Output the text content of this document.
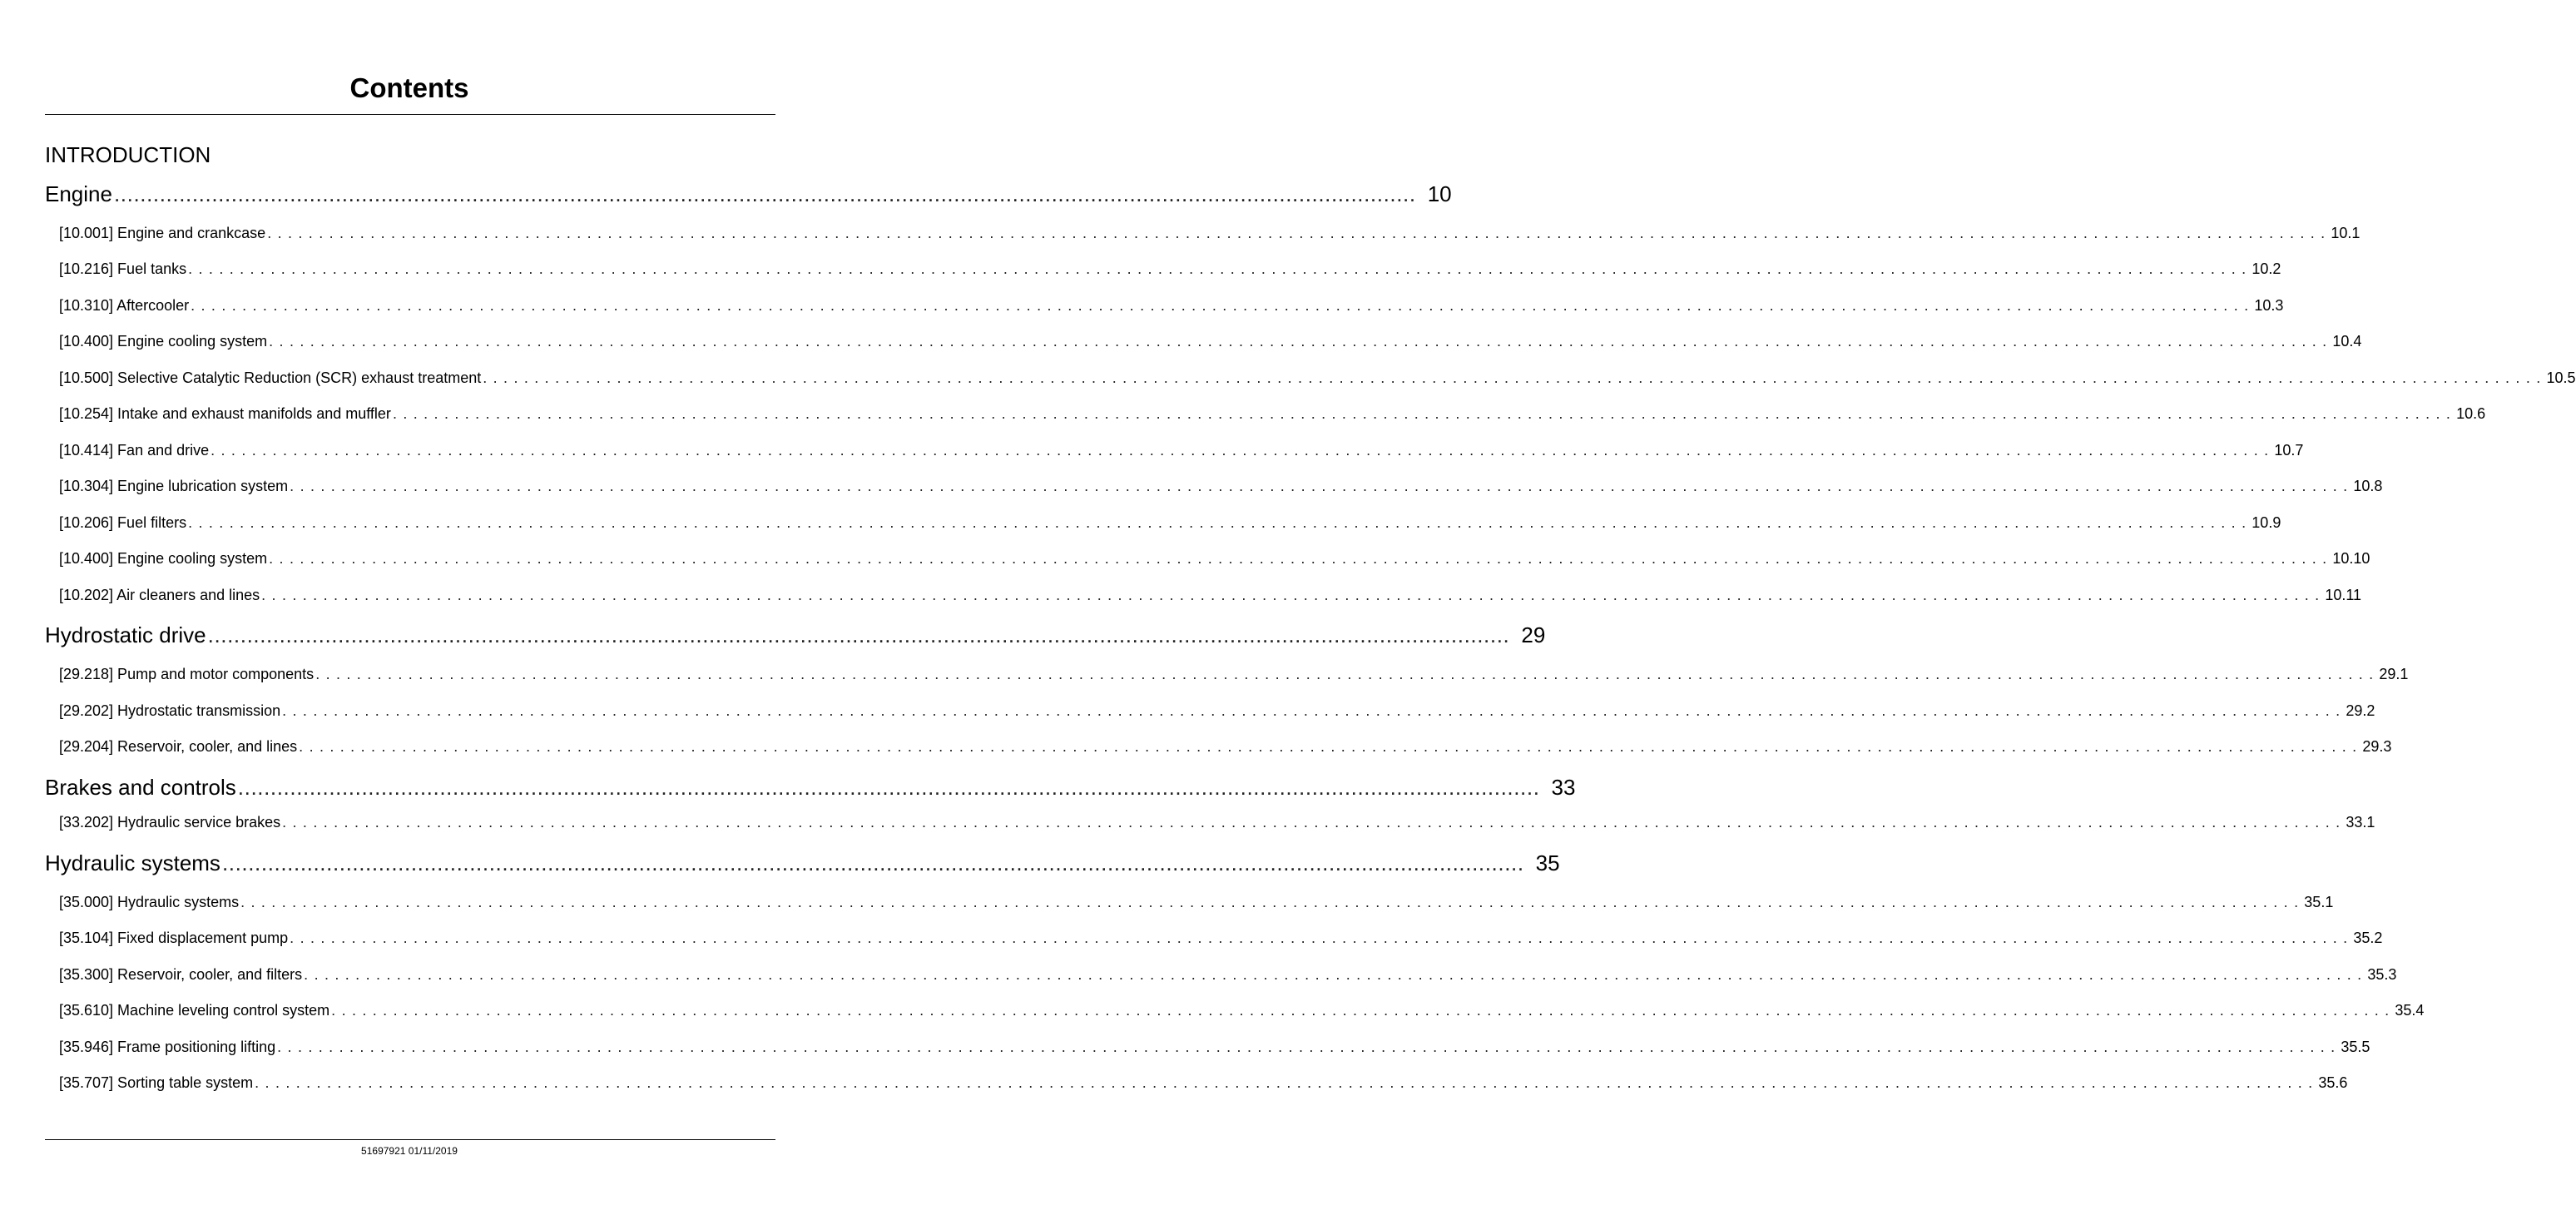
Contents
INTRODUCTION
Engine ........................................................................................................................................................................................................ 10
[10.001] Engine and crankcase . . . . . . . . . . . . . . . . . . . . . . . . . . . . . . . . . . . . . . . . . . . . . . . . . . . . . . . . . . . . . . . . . . . . . . . . . . . . . . . . . . . . . . . . . . . . . . . . . . . . . . . . . . . . . . . . . . . . . . . . . . . . . . . . . . . . . . . . . . . . . . . . . . . . . . . . . . . . . . . . . . . . . . . . . . . . . . . . . . . . . . . . . . . . . . . . . . . . . . . . 10.1
[10.216] Fuel tanks . . . . . . . . . . . . . . . . . . . . . . . . . . . . . . . . . . . . . . . . . . . . . . . . . . . . . . . . . . . . . . . . . . . . . . . . . . . . . . . . . . . . . . . . . . . . . . . . . . . . . . . . . . . . . . . . . . . . . . . . . . . . . . . . . . . . . . . . . . . . . . . . . . . . . . . . . . . . . . . . . . . . . . . . . . . . . . . . . . . . . . . . . . . . . . . . . . . . . . . . 10.2
[10.310] Aftercooler . . . . . . . . . . . . . . . . . . . . . . . . . . . . . . . . . . . . . . . . . . . . . . . . . . . . . . . . . . . . . . . . . . . . . . . . . . . . . . . . . . . . . . . . . . . . . . . . . . . . . . . . . . . . . . . . . . . . . . . . . . . . . . . . . . . . . . . . . . . . . . . . . . . . . . . . . . . . . . . . . . . . . . . . . . . . . . . . . . . . . . . . . . . . . . . . . . . . . . . . 10.3
[10.400] Engine cooling system . . . . . . . . . . . . . . . . . . . . . . . . . . . . . . . . . . . . . . . . . . . . . . . . . . . . . . . . . . . . . . . . . . . . . . . . . . . . . . . . . . . . . . . . . . . . . . . . . . . . . . . . . . . . . . . . . . . . . . . . . . . . . . . . . . . . . . . . . . . . . . . . . . . . . . . . . . . . . . . . . . . . . . . . . . . . . . . . . . . . . . . . . . . . . . . . . . . . . . . . 10.4
[10.500] Selective Catalytic Reduction (SCR) exhaust treatment . . . . . . . . . . . . . . . . . . . . . . . . . . . . . . . . . . . . . . . . . . . . . . . . . . . . . . . . . . . . . . . . . . . . . . . . . . . . . . . . . . . . . . . . . . . . . . . . . . . . . . . . . . . . . . . . . . . . . . . . . . . . . . . . . . . . . . . . . . . . . . . . . . . . . . . . . . . . . . . . . . . . . . . . . . . . . . . . . . . . . . . . . . . . . . . . . . . . . . . . 10.5
[10.254] Intake and exhaust manifolds and muffler . . . . . . . . . . . . . . . . . . . . . . . . . . . . . . . . . . . . . . . . . . . . . . . . . . . . . . . . . . . . . . . . . . . . . . . . . . . . . . . . . . . . . . . . . . . . . . . . . . . . . . . . . . . . . . . . . . . . . . . . . . . . . . . . . . . . . . . . . . . . . . . . . . . . . . . . . . . . . . . . . . . . . . . . . . . . . . . . . . . . . . . . . . . . . . . . . . . . . . . . 10.6
[10.414] Fan and drive . . . . . . . . . . . . . . . . . . . . . . . . . . . . . . . . . . . . . . . . . . . . . . . . . . . . . . . . . . . . . . . . . . . . . . . . . . . . . . . . . . . . . . . . . . . . . . . . . . . . . . . . . . . . . . . . . . . . . . . . . . . . . . . . . . . . . . . . . . . . . . . . . . . . . . . . . . . . . . . . . . . . . . . . . . . . . . . . . . . . . . . . . . . . . . . . . . . . . . . . 10.7
[10.304] Engine lubrication system . . . . . . . . . . . . . . . . . . . . . . . . . . . . . . . . . . . . . . . . . . . . . . . . . . . . . . . . . . . . . . . . . . . . . . . . . . . . . . . . . . . . . . . . . . . . . . . . . . . . . . . . . . . . . . . . . . . . . . . . . . . . . . . . . . . . . . . . . . . . . . . . . . . . . . . . . . . . . . . . . . . . . . . . . . . . . . . . . . . . . . . . . . . . . . . . . . . . . . . . 10.8
[10.206] Fuel filters . . . . . . . . . . . . . . . . . . . . . . . . . . . . . . . . . . . . . . . . . . . . . . . . . . . . . . . . . . . . . . . . . . . . . . . . . . . . . . . . . . . . . . . . . . . . . . . . . . . . . . . . . . . . . . . . . . . . . . . . . . . . . . . . . . . . . . . . . . . . . . . . . . . . . . . . . . . . . . . . . . . . . . . . . . . . . . . . . . . . . . . . . . . . . . . . . . . . . . . . 10.9
[10.400] Engine cooling system . . . . . . . . . . . . . . . . . . . . . . . . . . . . . . . . . . . . . . . . . . . . . . . . . . . . . . . . . . . . . . . . . . . . . . . . . . . . . . . . . . . . . . . . . . . . . . . . . . . . . . . . . . . . . . . . . . . . . . . . . . . . . . . . . . . . . . . . . . . . . . . . . . . . . . . . . . . . . . . . . . . . . . . . . . . . . . . . . . . . . . . . . . . . . . . . . . . . . . . . 10.10
[10.202] Air cleaners and lines . . . . . . . . . . . . . . . . . . . . . . . . . . . . . . . . . . . . . . . . . . . . . . . . . . . . . . . . . . . . . . . . . . . . . . . . . . . . . . . . . . . . . . . . . . . . . . . . . . . . . . . . . . . . . . . . . . . . . . . . . . . . . . . . . . . . . . . . . . . . . . . . . . . . . . . . . . . . . . . . . . . . . . . . . . . . . . . . . . . . . . . . . . . . . . . . . . . . . . . . 10.11
Hydrostatic drive ........................................................................................................................................................................................................ 29
[29.218] Pump and motor components . . . . . . . . . . . . . . . . . . . . . . . . . . . . . . . . . . . . . . . . . . . . . . . . . . . . . . . . . . . . . . . . . . . . . . . . . . . . . . . . . . . . . . . . . . . . . . . . . . . . . . . . . . . . . . . . . . . . . . . . . . . . . . . . . . . . . . . . . . . . . . . . . . . . . . . . . . . . . . . . . . . . . . . . . . . . . . . . . . . . . . . . . . . . . . . . . . . . . . . . 29.1
[29.202] Hydrostatic transmission . . . . . . . . . . . . . . . . . . . . . . . . . . . . . . . . . . . . . . . . . . . . . . . . . . . . . . . . . . . . . . . . . . . . . . . . . . . . . . . . . . . . . . . . . . . . . . . . . . . . . . . . . . . . . . . . . . . . . . . . . . . . . . . . . . . . . . . . . . . . . . . . . . . . . . . . . . . . . . . . . . . . . . . . . . . . . . . . . . . . . . . . . . . . . . . . . . . . . . . . 29.2
[29.204] Reservoir, cooler, and lines . . . . . . . . . . . . . . . . . . . . . . . . . . . . . . . . . . . . . . . . . . . . . . . . . . . . . . . . . . . . . . . . . . . . . . . . . . . . . . . . . . . . . . . . . . . . . . . . . . . . . . . . . . . . . . . . . . . . . . . . . . . . . . . . . . . . . . . . . . . . . . . . . . . . . . . . . . . . . . . . . . . . . . . . . . . . . . . . . . . . . . . . . . . . . . . . . . . . . . . . 29.3
Brakes and controls ........................................................................................................................................................................................................ 33
[33.202] Hydraulic service brakes . . . . . . . . . . . . . . . . . . . . . . . . . . . . . . . . . . . . . . . . . . . . . . . . . . . . . . . . . . . . . . . . . . . . . . . . . . . . . . . . . . . . . . . . . . . . . . . . . . . . . . . . . . . . . . . . . . . . . . . . . . . . . . . . . . . . . . . . . . . . . . . . . . . . . . . . . . . . . . . . . . . . . . . . . . . . . . . . . . . . . . . . . . . . . . . . . . . . . . . . 33.1
Hydraulic systems ........................................................................................................................................................................................................ 35
[35.000] Hydraulic systems . . . . . . . . . . . . . . . . . . . . . . . . . . . . . . . . . . . . . . . . . . . . . . . . . . . . . . . . . . . . . . . . . . . . . . . . . . . . . . . . . . . . . . . . . . . . . . . . . . . . . . . . . . . . . . . . . . . . . . . . . . . . . . . . . . . . . . . . . . . . . . . . . . . . . . . . . . . . . . . . . . . . . . . . . . . . . . . . . . . . . . . . . . . . . . . . . . . . . . . . 35.1
[35.104] Fixed displacement pump . . . . . . . . . . . . . . . . . . . . . . . . . . . . . . . . . . . . . . . . . . . . . . . . . . . . . . . . . . . . . . . . . . . . . . . . . . . . . . . . . . . . . . . . . . . . . . . . . . . . . . . . . . . . . . . . . . . . . . . . . . . . . . . . . . . . . . . . . . . . . . . . . . . . . . . . . . . . . . . . . . . . . . . . . . . . . . . . . . . . . . . . . . . . . . . . . . . . . . . . 35.2
[35.300] Reservoir, cooler, and filters . . . . . . . . . . . . . . . . . . . . . . . . . . . . . . . . . . . . . . . . . . . . . . . . . . . . . . . . . . . . . . . . . . . . . . . . . . . . . . . . . . . . . . . . . . . . . . . . . . . . . . . . . . . . . . . . . . . . . . . . . . . . . . . . . . . . . . . . . . . . . . . . . . . . . . . . . . . . . . . . . . . . . . . . . . . . . . . . . . . . . . . . . . . . . . . . . . . . . . . . 35.3
[35.610] Machine leveling control system . . . . . . . . . . . . . . . . . . . . . . . . . . . . . . . . . . . . . . . . . . . . . . . . . . . . . . . . . . . . . . . . . . . . . . . . . . . . . . . . . . . . . . . . . . . . . . . . . . . . . . . . . . . . . . . . . . . . . . . . . . . . . . . . . . . . . . . . . . . . . . . . . . . . . . . . . . . . . . . . . . . . . . . . . . . . . . . . . . . . . . . . . . . . . . . . . . . . . . . . 35.4
[35.946] Frame positioning lifting . . . . . . . . . . . . . . . . . . . . . . . . . . . . . . . . . . . . . . . . . . . . . . . . . . . . . . . . . . . . . . . . . . . . . . . . . . . . . . . . . . . . . . . . . . . . . . . . . . . . . . . . . . . . . . . . . . . . . . . . . . . . . . . . . . . . . . . . . . . . . . . . . . . . . . . . . . . . . . . . . . . . . . . . . . . . . . . . . . . . . . . . . . . . . . . . . . . . . . . . 35.5
[35.707] Sorting table system . . . . . . . . . . . . . . . . . . . . . . . . . . . . . . . . . . . . . . . . . . . . . . . . . . . . . . . . . . . . . . . . . . . . . . . . . . . . . . . . . . . . . . . . . . . . . . . . . . . . . . . . . . . . . . . . . . . . . . . . . . . . . . . . . . . . . . . . . . . . . . . . . . . . . . . . . . . . . . . . . . . . . . . . . . . . . . . . . . . . . . . . . . . . . . . . . . . . . . . . 35.6
51697921 01/11/2019
